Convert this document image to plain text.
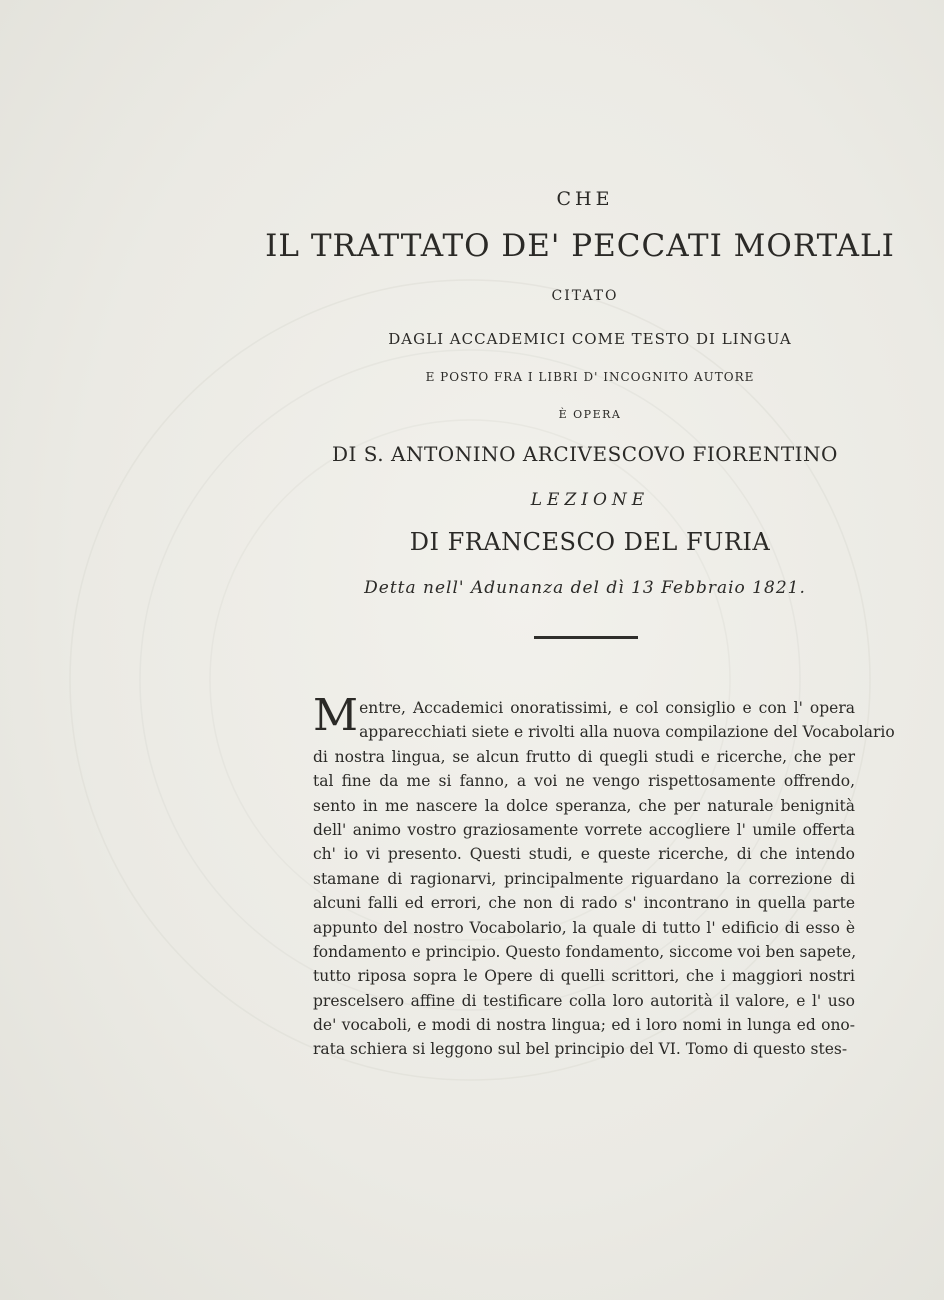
CHE
IL TRATTATO DE' PECCATI MORTALI
CITATO
DAGLI ACCADEMICI COME TESTO DI LINGUA
E POSTO FRA I LIBRI D' INCOGNITO AUTORE
È OPERA
DI S. ANTONINO ARCIVESCOVO FIORENTINO
LEZIONE
DI FRANCESCO DEL FURIA
Detta nell' Adunanza del dì 13 Febbraio 1821.
Mentre, Accademici onoratissimi, e col consiglio e con l' opera
apparecchiati siete e rivolti alla nuova compilazione del Vocabolario
di nostra lingua, se alcun frutto di quegli studi e ricerche, che per
tal fine da me si fanno, a voi ne vengo rispettosamente offrendo,
sento in me nascere la dolce speranza, che per naturale benignità
dell' animo vostro graziosamente vorrete accogliere l' umile offerta
ch' io vi presento. Questi studi, e queste ricerche, di che intendo
stamane di ragionarvi, principalmente riguardano la correzione di
alcuni falli ed errori, che non di rado s' incontrano in quella parte
appunto del nostro Vocabolario, la quale di tutto l' edificio di esso è
fondamento e principio. Questo fondamento, siccome voi ben sapete,
tutto riposa sopra le Opere di quelli scrittori, che i maggiori nostri
prescelsero affine di testificare colla loro autorità il valore, e l' uso
de' vocaboli, e modi di nostra lingua; ed i loro nomi in lunga ed ono-
rata schiera si leggono sul bel principio del VI. Tomo di questo stes-
